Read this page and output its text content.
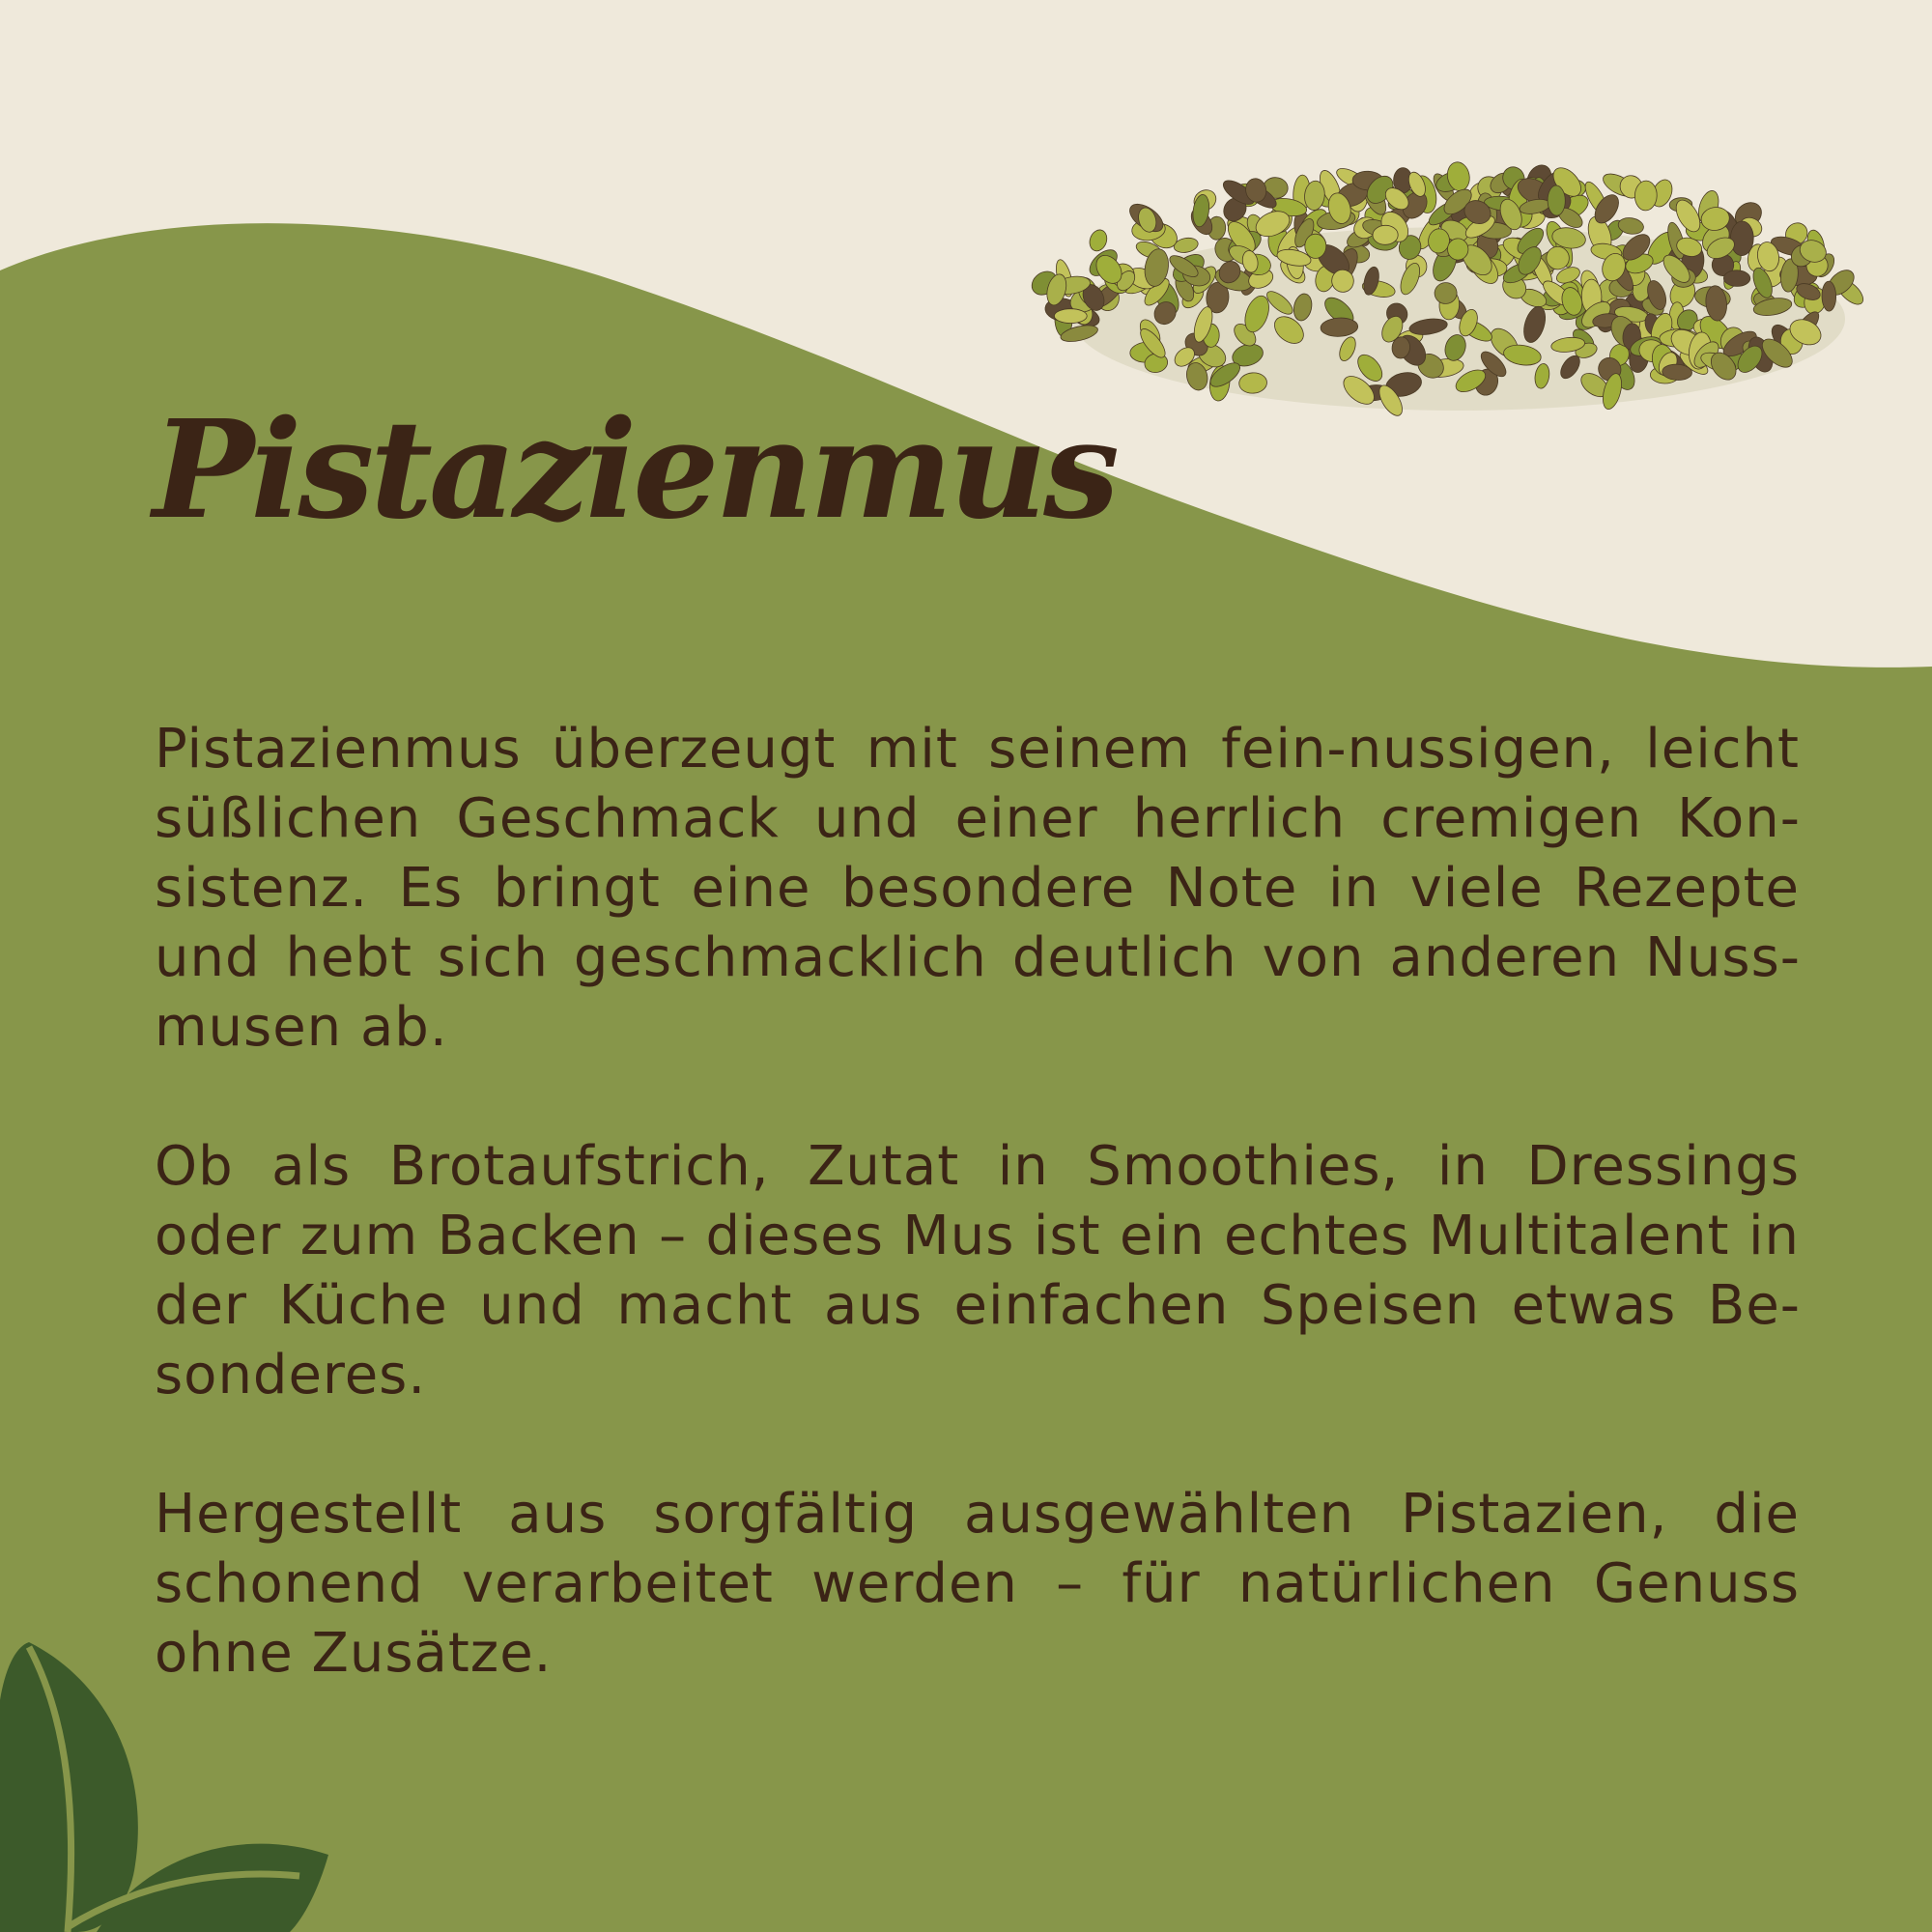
Pistazienmus

Pistazienmus überzeugt mit seinem fein-nussigen, leicht süßlichen Geschmack und einer herrlich cremigen Konsistenz. Es bringt eine besondere Note in viele Rezepte und hebt sich geschmacklich deutlich von anderen Nussmusen ab.

Ob als Brotaufstrich, Zutat in Smoothies, in Dressings oder zum Backen – dieses Mus ist ein echtes Multitalent in der Küche und macht aus einfachen Speisen etwas Besonderes.

Hergestellt aus sorgfältig ausgewählten Pistazien, die schonend verarbeitet werden – für natürlichen Genuss ohne Zusätze.
